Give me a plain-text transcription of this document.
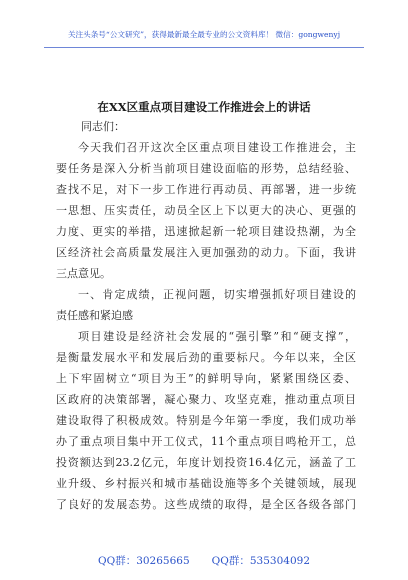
关注头条号“公文研究”，获得最新最全最专业的公文资料库！ 微信：gongwenyj
在XX区重点项目建设工作推进会上的讲话
同志们：
今天我们召开这次全区重点项目建设工作推进会，主
要任务是深入分析当前项目建设面临的形势，总结经验、
查找不足，对下一步工作进行再动员、再部署，进一步统
一思想、压实责任，动员全区上下以更大的决心、更强的
力度、更实的举措，迅速掀起新一轮项目建设热潮，为全
区经济社会高质量发展注入更加强劲的动力。下面，我讲
三点意见。
一、肯定成绩，正视问题，切实增强抓好项目建设的
责任感和紧迫感
项目建设是经济社会发展的“强引擎”和“硬支撑”，
是衡量发展水平和发展后劲的重要标尺。今年以来，全区
上下牢固树立“项目为王”的鲜明导向，紧紧围绕区委、
区政府的决策部署，凝心聚力、攻坚克难，推动重点项目
建设取得了积极成效。特别是今年第一季度，我们成功举
办了重点项目集中开工仪式，11个重点项目鸣枪开工，总
投资额达到23.2亿元，年度计划投资16.4亿元，涵盖了工
业升级、乡村振兴和城市基础设施等多个关键领域，展现
了良好的发展态势。这些成绩的取得，是全区各级各部门
QQ群：30265665 QQ群：535304092
